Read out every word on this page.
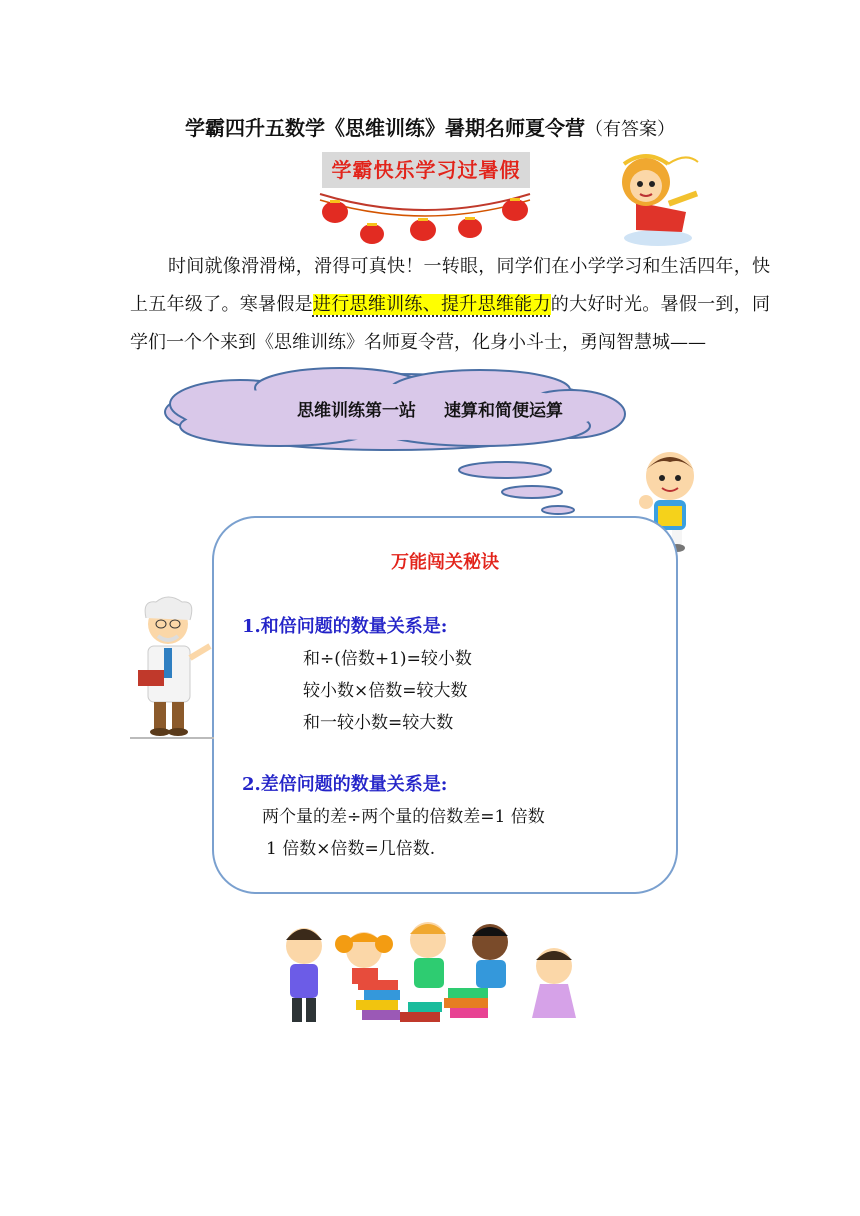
学霸四升五数学《思维训练》暑期名师夏令营（有答案）
学霸快乐学习过暑假
时间就像滑滑梯，滑得可真快！一转眼，同学们在小学学习和生活四年，快上五年级了。寒暑假是进行思维训练、提升思维能力的大好时光。暑假一到，同学们一个个来到《思维训练》名师夏令营，化身小斗士，勇闯智慧城——
思维训练第一站 速算和简便运算
万能闯关秘诀
1.和倍问题的数量关系是:
和÷(倍数+1)=较小数
较小数×倍数=较大数
和一较小数=较大数
2.差倍问题的数量关系是:
两个量的差÷两个量的倍数差=1 倍数
1 倍数×倍数=几倍数.
